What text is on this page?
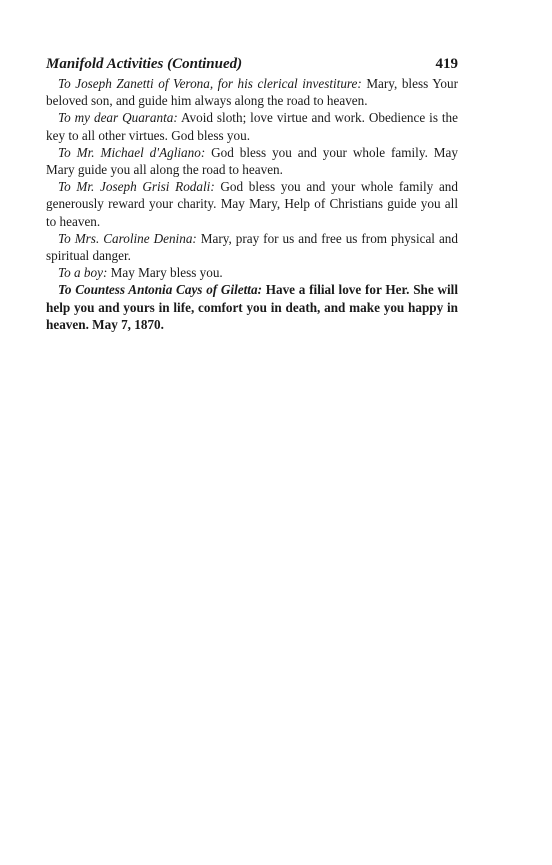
Manifold Activities (Continued)	419

To Joseph Zanetti of Verona, for his clerical investiture: Mary, bless Your beloved son, and guide him always along the road to heaven.

To my dear Quaranta: Avoid sloth; love virtue and work. Obedience is the key to all other virtues. God bless you.

To Mr. Michael d'Agliano: God bless you and your whole family. May Mary guide you all along the road to heaven.

To Mr. Joseph Grisi Rodali: God bless you and your whole family and generously reward your charity. May Mary, Help of Christians guide you all to heaven.

To Mrs. Caroline Denina: Mary, pray for us and free us from physical and spiritual danger.

To a boy: May Mary bless you.

To Countess Antonia Cays of Giletta: Have a filial love for Her. She will help you and yours in life, comfort you in death, and make you happy in heaven. May 7, 1870.
